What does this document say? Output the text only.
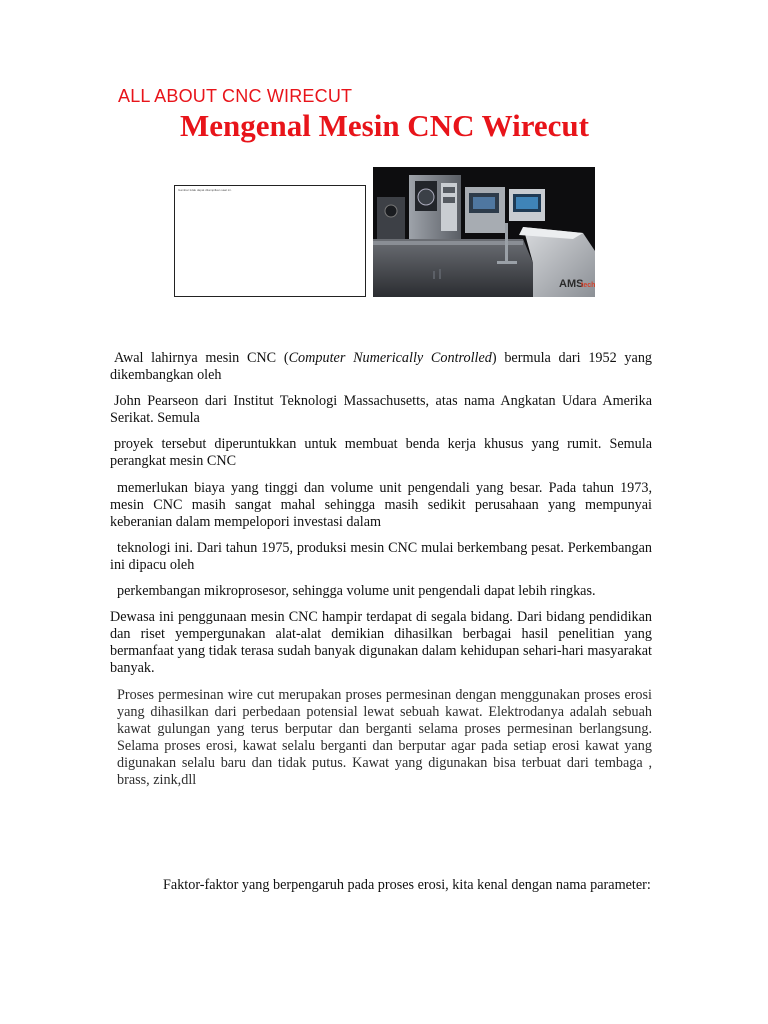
ALL ABOUT CNC WIRECUT

Mengenal Mesin CNC Wirecut
Gambar tidak dapat ditampilkan saat ini.
AMS
tech

Awal lahirnya mesin CNC (Computer Numerically Controlled) bermula dari 1952 yang dikembangkan oleh

John Pearseon dari Institut Teknologi Massachusetts, atas nama Angkatan Udara Amerika Serikat. Semula

proyek tersebut diperuntukkan untuk membuat benda kerja khusus yang rumit. Semula perangkat mesin CNC

memerlukan biaya yang tinggi dan volume unit pengendali yang besar. Pada tahun 1973, mesin CNC masih sangat mahal sehingga masih sedikit perusahaan yang mempunyai keberanian dalam mempelopori investasi dalam

teknologi ini. Dari tahun 1975, produksi mesin CNC mulai berkembang pesat. Perkembangan ini dipacu oleh

perkembangan mikroprosesor, sehingga volume unit pengendali dapat lebih ringkas.

Dewasa ini penggunaan mesin CNC hampir terdapat di segala bidang. Dari bidang pendidikan dan riset yempergunakan alat-alat demikian dihasilkan berbagai hasil penelitian yang bermanfaat yang tidak terasa sudah banyak digunakan dalam kehidupan sehari-hari masyarakat banyak.

Proses permesinan wire cut merupakan proses permesinan dengan menggunakan proses erosi yang dihasilkan dari perbedaan potensial lewat sebuah kawat. Elektrodanya adalah sebuah kawat gulungan yang terus berputar dan berganti selama proses permesinan berlangsung. Selama proses erosi, kawat selalu berganti dan berputar agar pada setiap erosi kawat yang digunakan selalu baru dan tidak putus. Kawat yang digunakan bisa terbuat dari tembaga , brass, zink,dll

Faktor-faktor yang berpengaruh pada proses erosi, kita kenal dengan nama parameter:
